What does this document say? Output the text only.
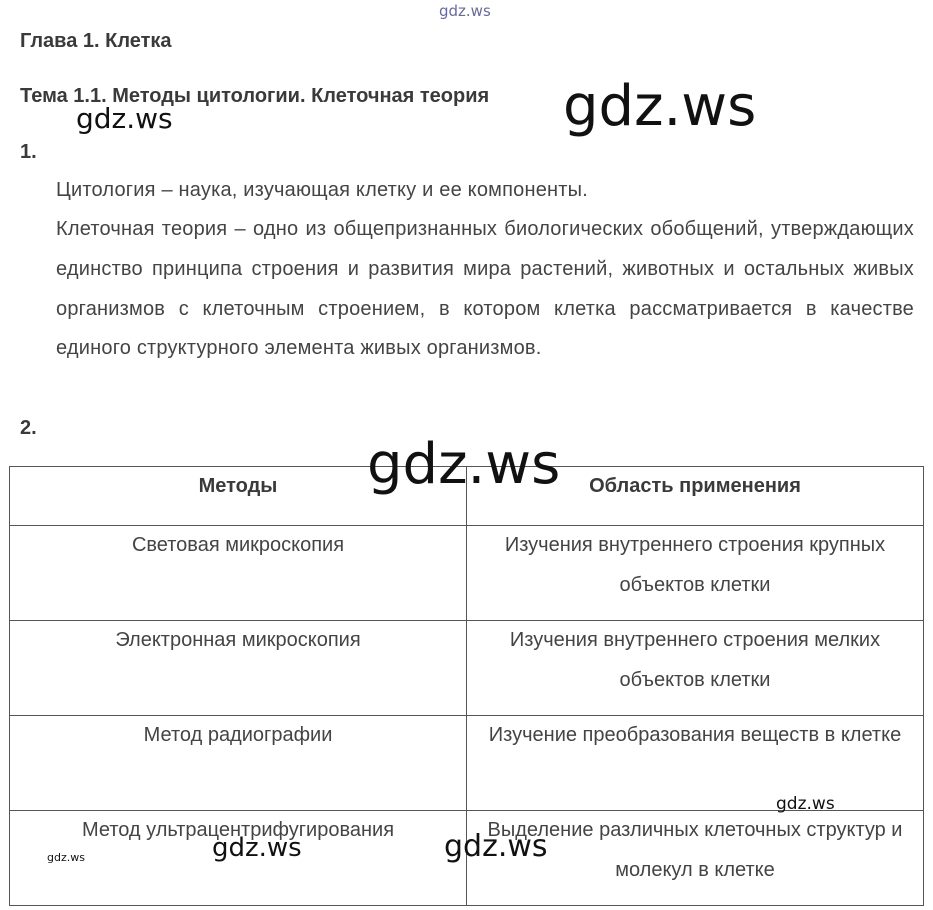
gdz.ws
Глава 1. Клетка
Тема 1.1. Методы цитологии. Клеточная теория gdz.ws
gdz.ws
1.
Цитология – наука, изучающая клетку и ее компоненты.
Клеточная теория – одно из общепризнанных биологических обобщений, утверждающих единство принципа строения и развития мира растений, животных и остальных живых организмов с клеточным строением, в котором клетка рассматривается в качестве единого структурного элемента живых организмов.
2.
Методы	Область применения
Световая микроскопия	Изучения внутреннего строения крупных объектов клетки
Электронная микроскопия	Изучения внутреннего строения мелких объектов клетки
Метод радиографии	Изучение преобразования веществ в клетке
Метод ультрацентрифугирования	Выделение различных клеточных структур и молекул в клетке
gdz.ws
gdz.ws
gdz.ws	gdz.ws	gdz.ws
